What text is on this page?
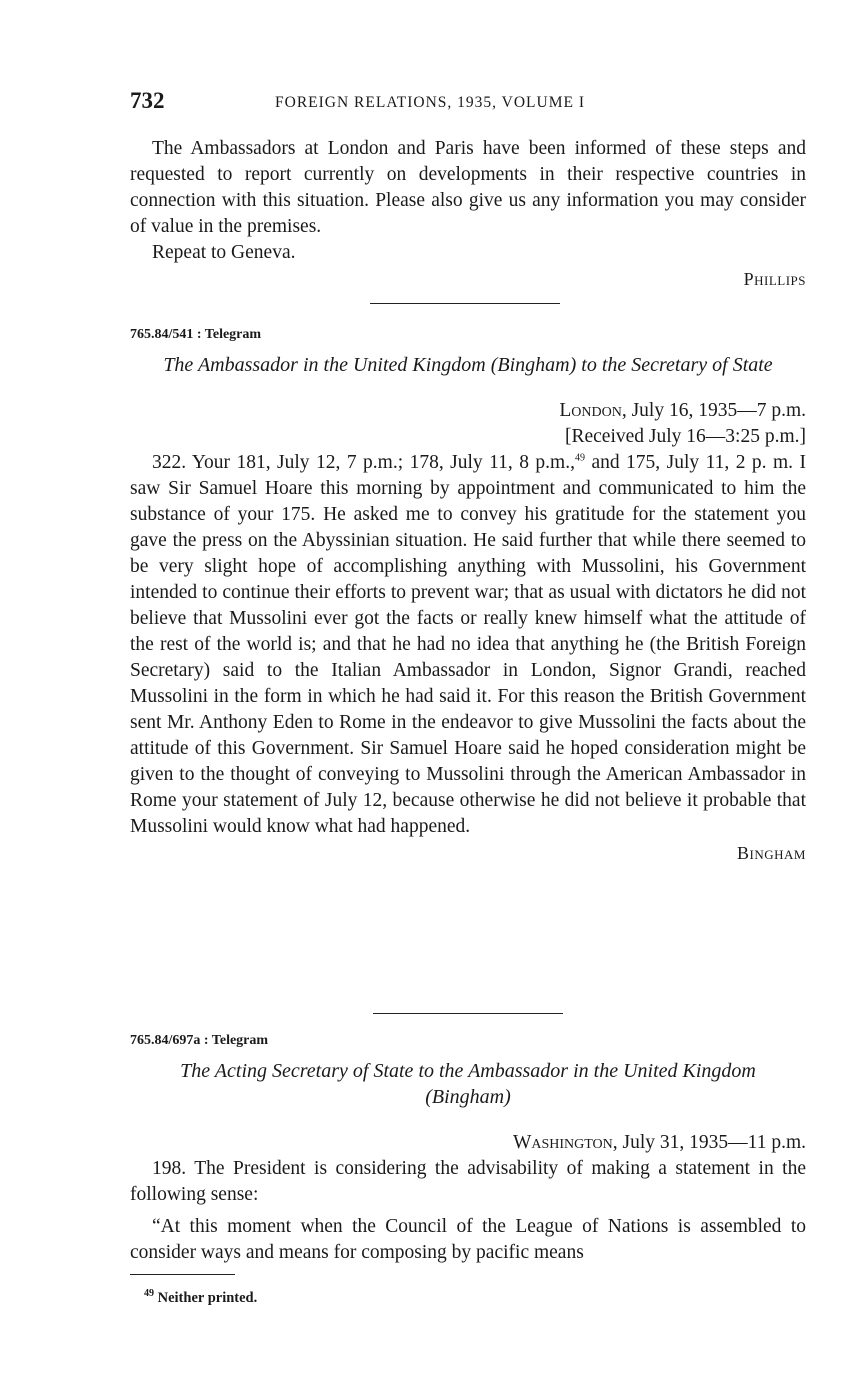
732	FOREIGN RELATIONS, 1935, VOLUME I

The Ambassadors at London and Paris have been informed of these steps and requested to report currently on developments in their respective countries in connection with this situation. Please also give us any information you may consider of value in the premises.

Repeat to Geneva.

Phillips

765.84/541 : Telegram
The Ambassador in the United Kingdom (Bingham) to the Secretary of State
London, July 16, 1935—7 p.m.
[Received July 16—3:25 p.m.]

322. Your 181, July 12, 7 p.m.; 178, July 11, 8 p.m.,$^{49}$ and 175, July 11, 2 p. m. I saw Sir Samuel Hoare this morning by appointment and communicated to him the substance of your 175. He asked me to convey his gratitude for the statement you gave the press on the Abyssinian situation. He said further that while there seemed to be very slight hope of accomplishing anything with Mussolini, his Government intended to continue their efforts to prevent war; that as usual with dictators he did not believe that Mussolini ever got the facts or really knew himself what the attitude of the rest of the world is; and that he had no idea that anything he (the British Foreign Secretary) said to the Italian Ambassador in London, Signor Grandi, reached Mussolini in the form in which he had said it. For this reason the British Government sent Mr. Anthony Eden to Rome in the endeavor to give Mussolini the facts about the attitude of this Government. Sir Samuel Hoare said he hoped consideration might be given to the thought of conveying to Mussolini through the American Ambassador in Rome your statement of July 12, because otherwise he did not believe it probable that Mussolini would know what had happened.

Bingham

765.84/697a : Telegram
The Acting Secretary of State to the Ambassador in the United Kingdom (Bingham)
Washington, July 31, 1935—11 p.m.

198. The President is considering the advisability of making a statement in the following sense:

“At this moment when the Council of the League of Nations is assembled to consider ways and means for composing by pacific means

$^{49}$ Neither printed.
